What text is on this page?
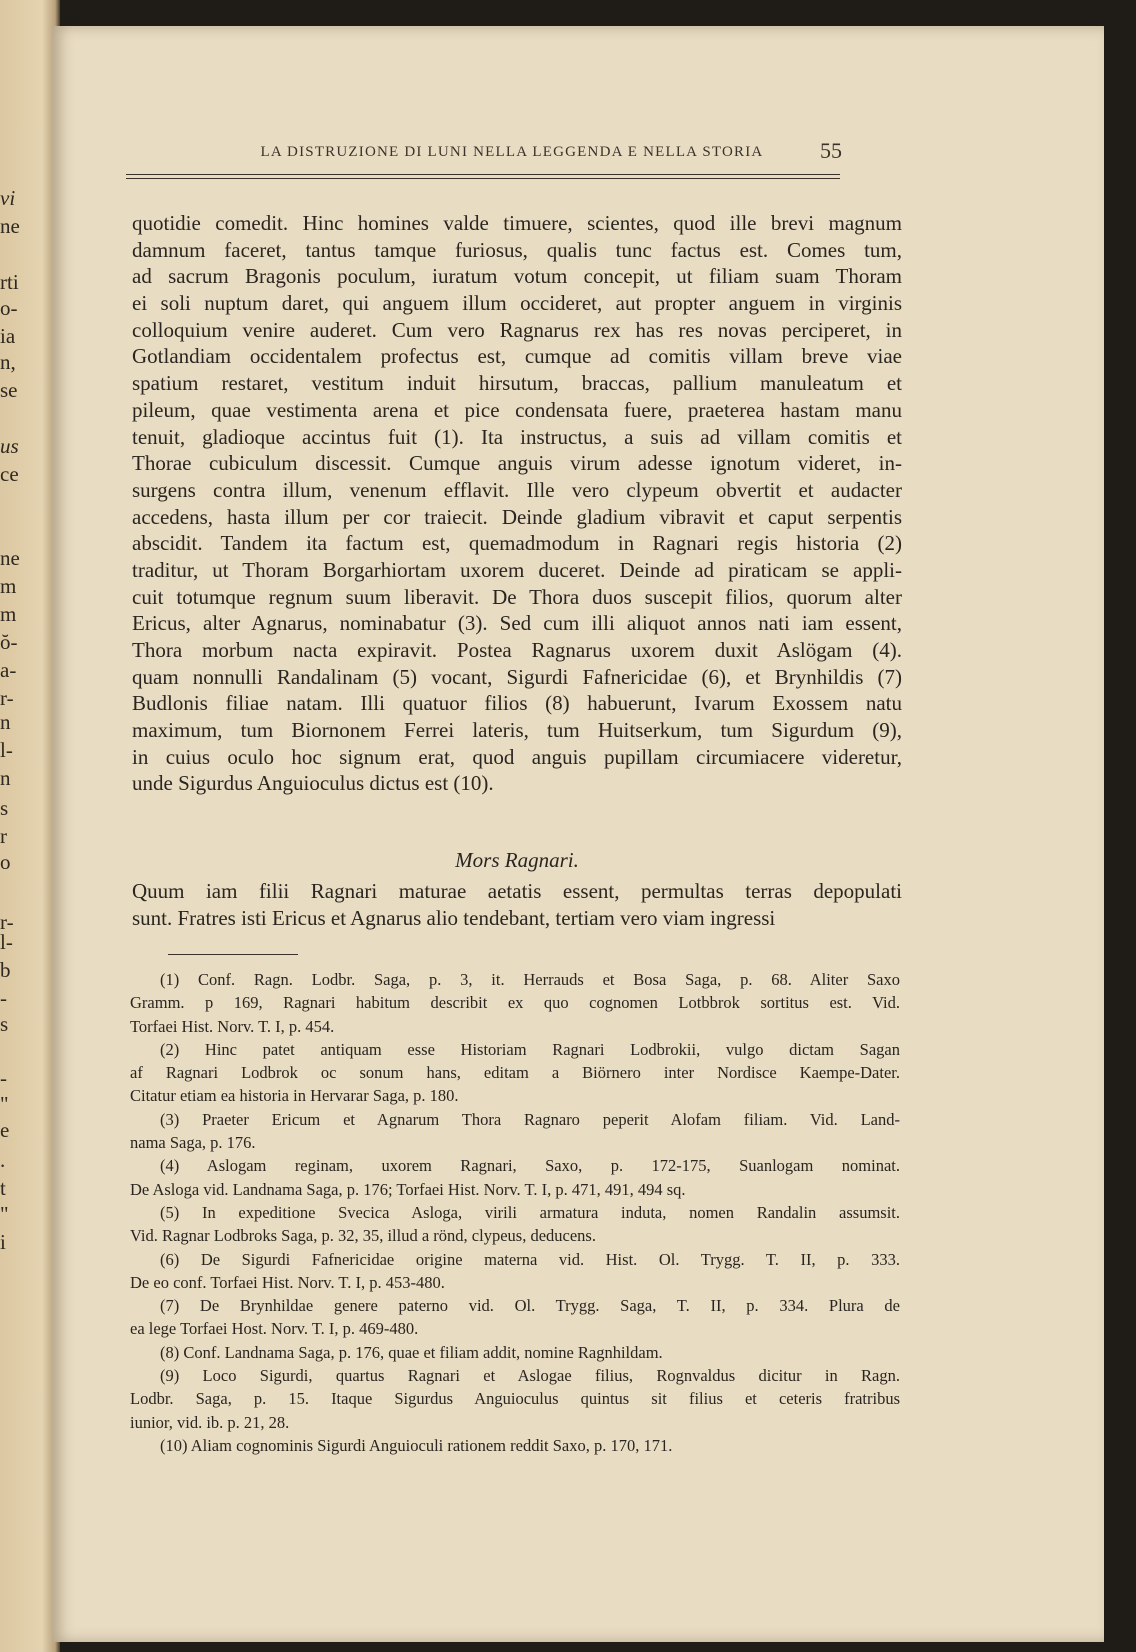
vi
ne
rti
o-
ia
n,
se
us
ce
ne
m
m
ŏ-
a-
r-
n
l-
n
s
r
o
r-
l-
b
-
s
-
"
e
.
t
"
i
LA DISTRUZIONE DI LUNI NELLA LEGGENDA E NELLA STORIA	55
quotidie comedit. Hinc homines valde timuere, scientes, quod ille brevi magnum
damnum faceret, tantus tamque furiosus, qualis tunc factus est. Comes tum,
ad sacrum Bragonis poculum, iuratum votum concepit, ut filiam suam Thoram
ei soli nuptum daret, qui anguem illum occideret, aut propter anguem in virginis
colloquium venire auderet. Cum vero Ragnarus rex has res novas perciperet, in
Gotlandiam occidentalem profectus est, cumque ad comitis villam breve viae
spatium restaret, vestitum induit hirsutum, braccas, pallium manuleatum et
pileum, quae vestimenta arena et pice condensata fuere, praeterea hastam manu
tenuit, gladioque accintus fuit (1). Ita instructus, a suis ad villam comitis et
Thorae cubiculum discessit. Cumque anguis virum adesse ignotum videret, in-
surgens contra illum, venenum efflavit. Ille vero clypeum obvertit et audacter
accedens, hasta illum per cor traiecit. Deinde gladium vibravit et caput serpentis
abscidit. Tandem ita factum est, quemadmodum in Ragnari regis historia (2)
traditur, ut Thoram Borgarhiortam uxorem duceret. Deinde ad piraticam se appli-
cuit totumque regnum suum liberavit. De Thora duos suscepit filios, quorum alter
Ericus, alter Agnarus, nominabatur (3). Sed cum illi aliquot annos nati iam essent,
Thora morbum nacta expiravit. Postea Ragnarus uxorem duxit Aslögam (4).
quam nonnulli Randalinam (5) vocant, Sigurdi Fafnericidae (6), et Brynhildis (7)
Budlonis filiae natam. Illi quatuor filios (8) habuerunt, Ivarum Exossem natu
maximum, tum Biornonem Ferrei lateris, tum Huitserkum, tum Sigurdum (9),
in cuius oculo hoc signum erat, quod anguis pupillam circumiacere videretur,
unde Sigurdus Anguioculus dictus est (10).
Mors Ragnari.
Quum iam filii Ragnari maturae aetatis essent, permultas terras depopulati
sunt. Fratres isti Ericus et Agnarus alio tendebant, tertiam vero viam ingressi
(1) Conf. Ragn. Lodbr. Saga, p. 3, it. Herrauds et Bosa Saga, p. 68. Aliter Saxo
Gramm. p 169, Ragnari habitum describit ex quo cognomen Lotbbrok sortitus est. Vid.
Torfaei Hist. Norv. T. I, p. 454.
(2) Hinc patet antiquam esse Historiam Ragnari Lodbrokii, vulgo dictam Sagan
af Ragnari Lodbrok oc sonum hans, editam a Biörnero inter Nordisce Kaempe-Dater.
Citatur etiam ea historia in Hervarar Saga, p. 180.
(3) Praeter Ericum et Agnarum Thora Ragnaro peperit Alofam filiam. Vid. Land-
nama Saga, p. 176.
(4) Aslogam reginam, uxorem Ragnari, Saxo, p. 172-175, Suanlogam nominat.
De Asloga vid. Landnama Saga, p. 176; Torfaei Hist. Norv. T. I, p. 471, 491, 494 sq.
(5) In expeditione Svecica Asloga, virili armatura induta, nomen Randalin assumsit.
Vid. Ragnar Lodbroks Saga, p. 32, 35, illud a rönd, clypeus, deducens.
(6) De Sigurdi Fafnericidae origine materna vid. Hist. Ol. Trygg. T. II, p. 333.
De eo conf. Torfaei Hist. Norv. T. I, p. 453-480.
(7) De Brynhildae genere paterno vid. Ol. Trygg. Saga, T. II, p. 334. Plura de
ea lege Torfaei Host. Norv. T. I, p. 469-480.
(8) Conf. Landnama Saga, p. 176, quae et filiam addit, nomine Ragnhildam.
(9) Loco Sigurdi, quartus Ragnari et Aslogae filius, Rognvaldus dicitur in Ragn.
Lodbr. Saga, p. 15. Itaque Sigurdus Anguioculus quintus sit filius et ceteris fratribus
iunior, vid. ib. p. 21, 28.
(10) Aliam cognominis Sigurdi Anguioculi rationem reddit Saxo, p. 170, 171.
